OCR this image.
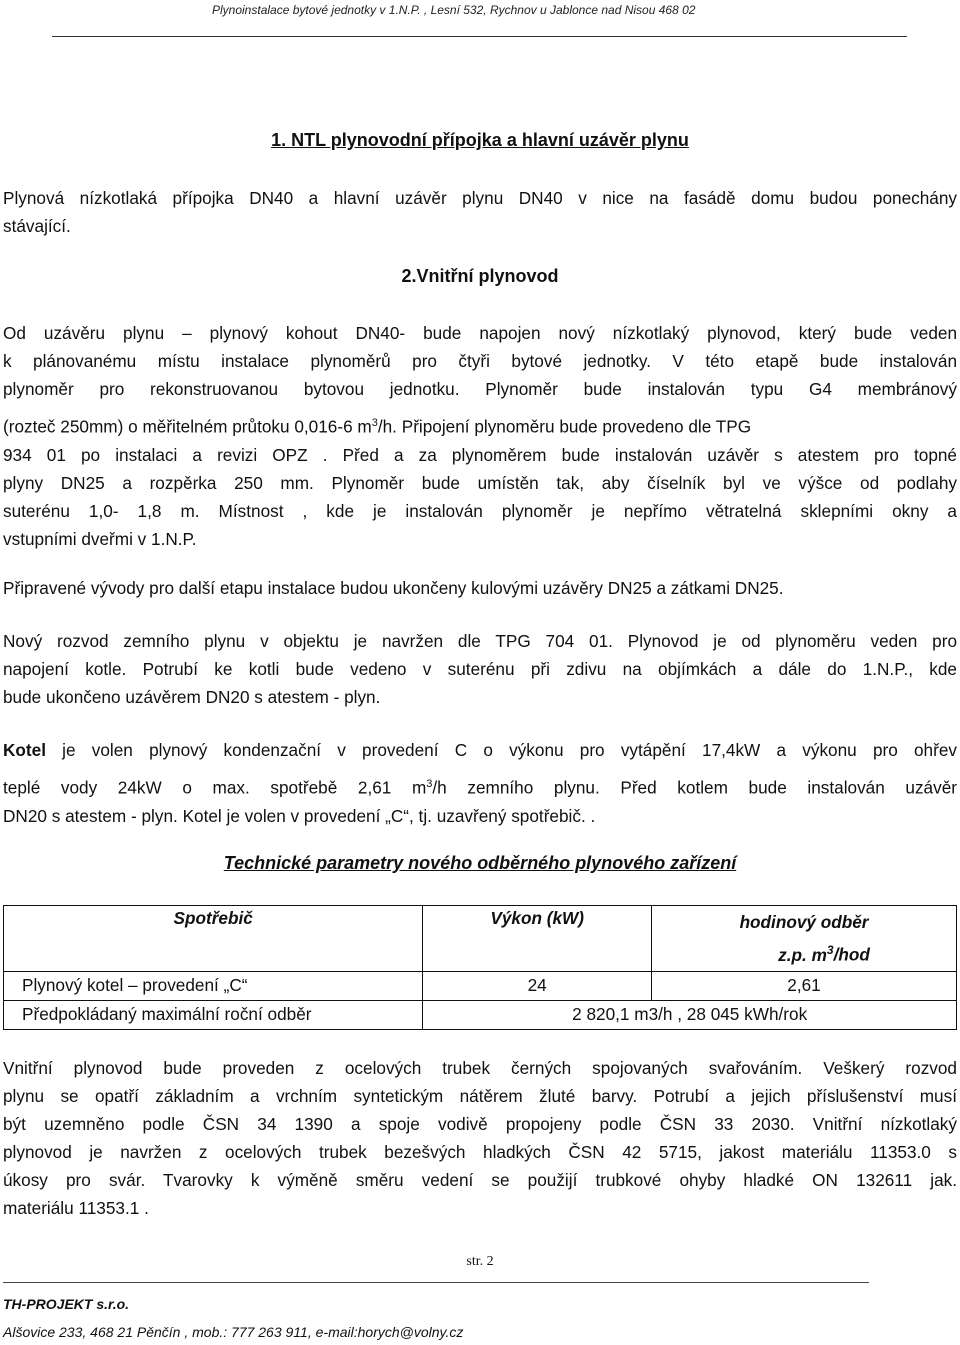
Plynoinstalace bytové jednotky v 1.N.P. , Lesní 532, Rychnov u Jablonce nad Nisou 468 02
1. NTL plynovodní přípojka a hlavní uzávěr plynu
Plynová nízkotlaká přípojka DN40 a hlavní uzávěr plynu DN40 v nice na fasádě domu budou ponechány
stávající.
2.Vnitřní plynovod
Od uzávěru plynu – plynový kohout DN40- bude napojen nový nízkotlaký plynovod, který bude veden
k plánovanému místu instalace plynoměrů pro čtyři bytové jednotky. V této etapě bude instalován
plynoměr pro rekonstruovanou bytovou jednotku. Plynoměr bude instalován typu G4 membránový
(rozteč 250mm) o měřitelném průtoku 0,016-6 $m^3/h$. Připojení plynoměru bude provedeno dle TPG
934 01 po instalaci a revizi OPZ . Před a za plynoměrem bude instalován uzávěr s atestem pro topné
plyny DN25 a rozpěrka 250 mm. Plynoměr bude umístěn tak, aby číselník byl ve výšce od podlahy
suterénu 1,0- 1,8 m. Místnost , kde je instalován plynoměr je nepřímo větratelná sklepními okny a
vstupními dveřmi v 1.N.P.
Připravené vývody pro další etapu instalace budou ukončeny kulovými uzávěry DN25 a zátkami DN25.
Nový rozvod zemního plynu v objektu je navržen dle TPG 704 01. Plynovod je od plynoměru veden pro
napojení kotle. Potrubí ke kotli bude vedeno v suterénu při zdivu na objímkách a dále do 1.N.P., kde
bude ukončeno uzávěrem DN20 s atestem - plyn.
Kotel je volen plynový kondenzační v provedení C o výkonu pro vytápění 17,4kW a výkonu pro ohřev
teplé vody 24kW o max. spotřebě 2,61 $m^3/h$ zemního plynu. Před kotlem bude instalován uzávěr
DN20 s atestem - plyn. Kotel je volen v provedení „C“, tj. uzavřený spotřebič. .
Technické parametry nového odběrného plynového zařízení
Spotřebič	Výkon (kW)	hodinový odběr
z.p. $m^3$/hod
Plynový kotel – provedení „C“	24	2,61
Předpokládaný maximální roční odběr	2 820,1 m3/h , 28 045 kWh/rok	
Vnitřní plynovod bude proveden z ocelových trubek černých spojovaných svařováním. Veškerý rozvod
plynu se opatří základním a vrchním syntetickým nátěrem žluté barvy. Potrubí a jejich příslušenství musí
být uzemněno podle ČSN 34 1390 a spoje vodivě propojeny podle ČSN 33 2030. Vnitřní nízkotlaký
plynovod je navržen z ocelových trubek bezešvých hladkých ČSN 42 5715, jakost materiálu 11353.0 s
úkosy pro svár. Tvarovky k výměně směru vedení se použijí trubkové ohyby hladké ON 132611 jak.
materiálu 11353.1 .
str. 2
TH-PROJEKT s.r.o.
Alšovice 233, 468 21 Pěnčín , mob.: 777 263 911, e-mail:horych@volny.cz
